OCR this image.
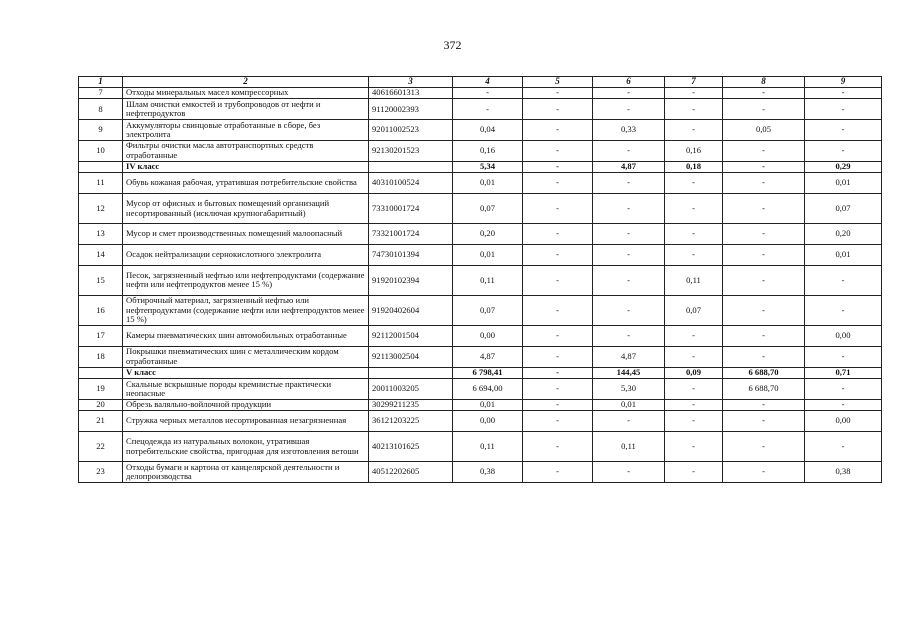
372
1	2	3	4	5	6	7	8	9
7	Отходы минеральных масел компрессорных	40616601313	-	-	-	-	-	-
8	Шлам очистки емкостей и трубопроводов от нефти и нефтепродуктов	91120002393	-	-	-	-	-	-
9	Аккумуляторы свинцовые отработанные в сборе, без электролита	92011002523	0,04	-	0,33	-	0,05	-
10	Фильтры очистки масла автотранспортных средств отработанные	92130201523	0,16	-	-	0,16	-	-
	IV класс		5,34	-	4,87	0,18	-	0,29
11	Обувь кожаная рабочая, утратившая потребительские свойства	40310100524	0,01	-	-	-	-	0,01
12	Мусор от офисных и бытовых помещений организаций несортированный (исключая крупногабаритный)	73310001724	0,07	-	-	-	-	0,07
13	Мусор и смет производственных помещений малоопасный	73321001724	0,20	-	-	-	-	0,20
14	Осадок нейтрализации сернокислотного электролита	74730101394	0,01	-	-	-	-	0,01
15	Песок, загрязненный нефтью или нефтепродуктами (содержание нефти или нефтепродуктов менее 15 %)	91920102394	0,11	-	-	0,11	-	-
16	Обтирочный материал, загрязненный нефтью или нефтепродуктами (содержание нефти или нефтепродуктов менее 15 %)	91920402604	0,07	-	-	0,07	-	-
17	Камеры пневматических шин автомобильных отработанные	92112001504	0,00	-	-	-	-	0,00
18	Покрышки пневматических шин с металлическим кордом отработанные	92113002504	4,87	-	4,87	-	-	-
	V класс		6 798,41	-	144,45	0,09	6 688,70	0,71
19	Скальные вскрышные породы кремнистые практически неопасные	20011003205	6 694,00	-	5,30	-	6 688,70	-
20	Обрезь валяльно-войлочной продукции	30299211235	0,01	-	0,01	-	-	-
21	Стружка черных металлов несортированная незагрязненная	36121203225	0,00	-	-	-	-	0,00
22	Спецодежда из натуральных волокон, утратившая потребительские свойства, пригодная для изготовления ветоши	40213101625	0,11	-	0,11	-	-	-
23	Отходы бумаги и картона от канцелярской деятельности и делопроизводства	40512202605	0,38	-	-	-	-	0,38
